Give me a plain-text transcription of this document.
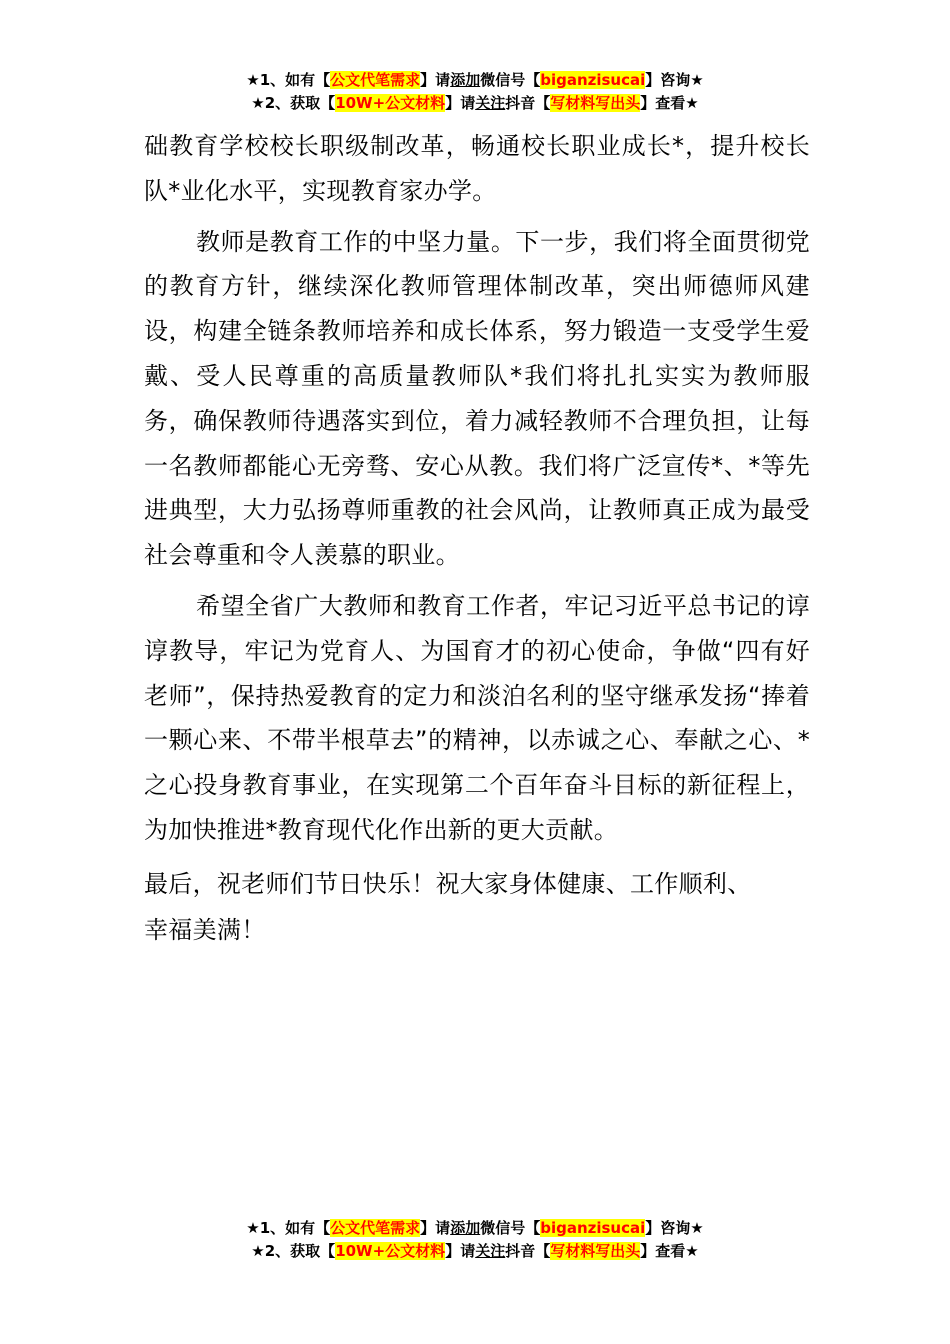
★1、如有【公文代笔需求】请添加微信号【biganzisucai】咨询★
★2、获取【10W+公文材料】请关注抖音【写材料写出头】查看★

础教育学校校长职级制改革，畅通校长职业成长*，提升校长队*业化水平，实现教育家办学。

教师是教育工作的中坚力量。下一步，我们将全面贯彻党的教育方针，继续深化教师管理体制改革，突出师德师风建设，构建全链条教师培养和成长体系，努力锻造一支受学生爱戴、受人民尊重的高质量教师队*我们将扎扎实实为教师服务，确保教师待遇落实到位，着力减轻教师不合理负担，让每一名教师都能心无旁骛、安心从教。我们将广泛宣传*、*等先进典型，大力弘扬尊师重教的社会风尚，让教师真正成为最受社会尊重和令人羡慕的职业。

希望全省广大教师和教育工作者，牢记习近平总书记的谆谆教导，牢记为党育人、为国育才的初心使命，争做“四有好老师”，保持热爱教育的定力和淡泊名利的坚守继承发扬“捧着一颗心来、不带半根草去”的精神，以赤诚之心、奉献之心、*之心投身教育事业，在实现第二个百年奋斗目标的新征程上，为加快推进*教育现代化作出新的更大贡献。

最后，祝老师们节日快乐！祝大家身体健康、工作顺利、
幸福美满！

★1、如有【公文代笔需求】请添加微信号【biganzisucai】咨询★
★2、获取【10W+公文材料】请关注抖音【写材料写出头】查看★
